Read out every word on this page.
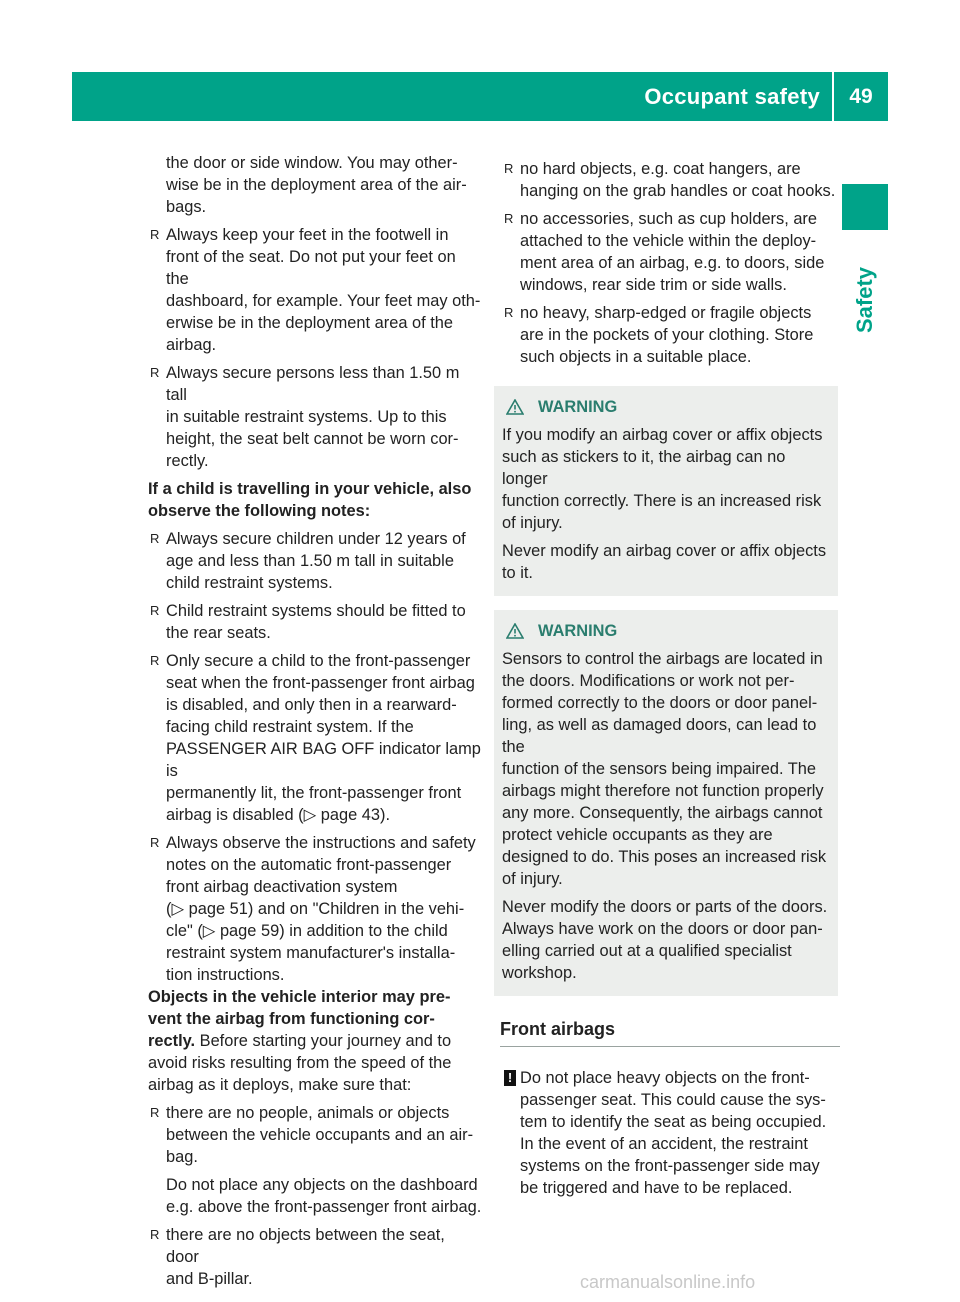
Occupant safety	49
Safety

the door or side window. You may other-
wise be in the deployment area of the air-
bags.

R Always keep your feet in the footwell in
front of the seat. Do not put your feet on the
dashboard, for example. Your feet may oth-
erwise be in the deployment area of the
airbag.
R Always secure persons less than 1.50 m tall
in suitable restraint systems. Up to this
height, the seat belt cannot be worn cor-
rectly.

If a child is travelling in your vehicle, also
observe the following notes:

R Always secure children under 12 years of
age and less than 1.50 m tall in suitable
child restraint systems.
R Child restraint systems should be fitted to
the rear seats.
R Only secure a child to the front-passenger
seat when the front-passenger front airbag
is disabled, and only then in a rearward-
facing child restraint system. If the
PASSENGER AIR BAG OFF indicator lamp is
permanently lit, the front-passenger front
airbag is disabled (▷ page 43).
R Always observe the instructions and safety
notes on the automatic front-passenger
front airbag deactivation system
(▷ page 51) and on "Children in the vehi-
cle" (▷ page 59) in addition to the child
restraint system manufacturer's installa-
tion instructions.

Objects in the vehicle interior may pre-
vent the airbag from functioning cor-
rectly. Before starting your journey and to
avoid risks resulting from the speed of the
airbag as it deploys, make sure that:

R there are no people, animals or objects
between the vehicle occupants and an air-
bag.

Do not place any objects on the dashboard
e.g. above the front-passenger front airbag.

R there are no objects between the seat, door
and B-pillar.
R no hard objects, e.g. coat hangers, are
hanging on the grab handles or coat hooks.
R no accessories, such as cup holders, are
attached to the vehicle within the deploy-
ment area of an airbag, e.g. to doors, side
windows, rear side trim or side walls.
R no heavy, sharp-edged or fragile objects
are in the pockets of your clothing. Store
such objects in a suitable place.
WARNING

If you modify an airbag cover or affix objects
such as stickers to it, the airbag can no longer
function correctly. There is an increased risk
of injury.

Never modify an airbag cover or affix objects
to it.

WARNING

Sensors to control the airbags are located in
the doors. Modifications or work not per-
formed correctly to the doors or door panel-
ling, as well as damaged doors, can lead to the
function of the sensors being impaired. The
airbags might therefore not function properly
any more. Consequently, the airbags cannot
protect vehicle occupants as they are
designed to do. This poses an increased risk
of injury.

Never modify the doors or parts of the doors.
Always have work on the doors or door pan-
elling carried out at a qualified specialist
workshop.

Front airbags
! Do not place heavy objects on the front-
passenger seat. This could cause the sys-
tem to identify the seat as being occupied.
In the event of an accident, the restraint
systems on the front-passenger side may
be triggered and have to be replaced.
carmanualsonline.info
